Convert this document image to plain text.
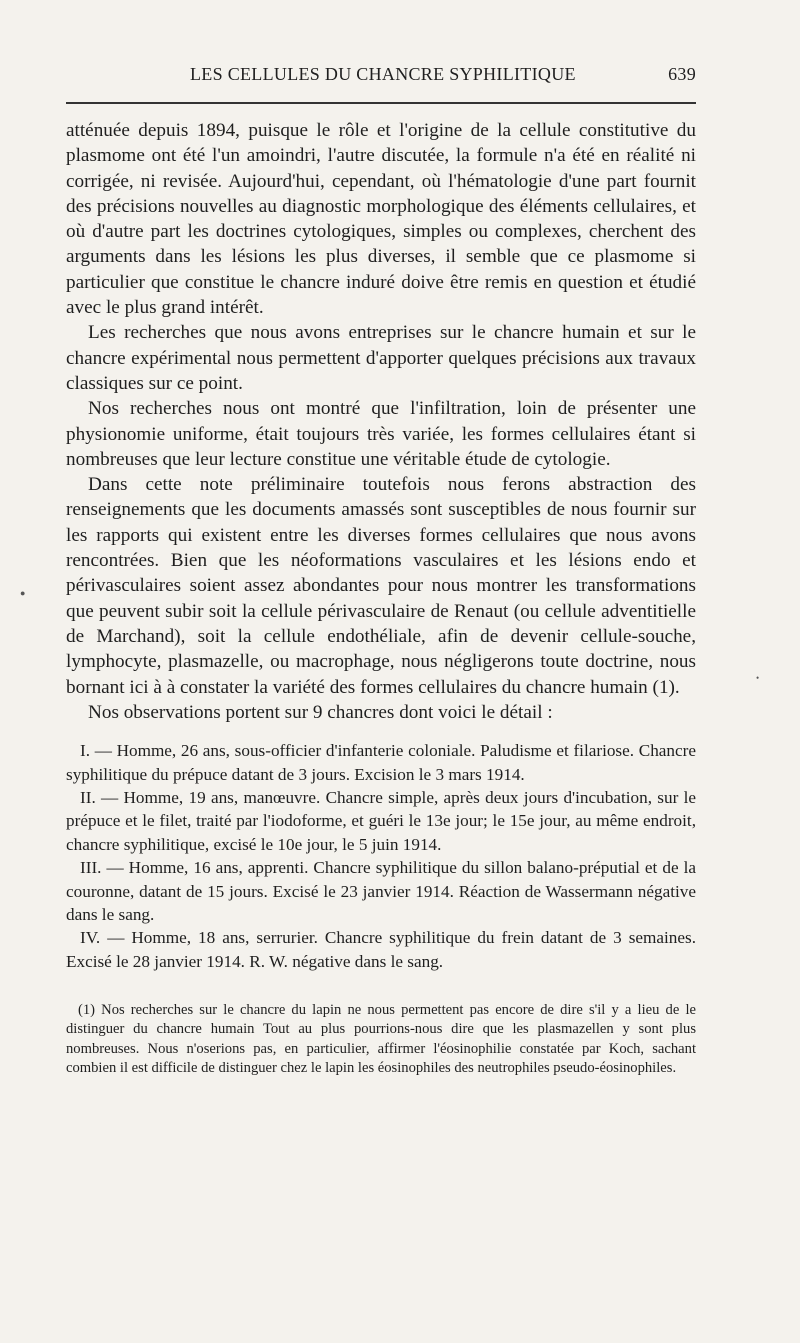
LES CELLULES DU CHANCRE SYPHILITIQUE	639

atténuée depuis 1894, puisque le rôle et l'origine de la cellule constitutive du plasmome ont été l'un amoindri, l'autre discutée, la formule n'a été en réalité ni corrigée, ni revisée. Aujourd'hui, cependant, où l'hématologie d'une part fournit des précisions nouvelles au diagnostic morphologique des éléments cellulaires, et où d'autre part les doctrines cytologiques, simples ou complexes, cherchent des arguments dans les lésions les plus diverses, il semble que ce plasmome si particulier que constitue le chancre induré doive être remis en question et étudié avec le plus grand intérêt.

Les recherches que nous avons entreprises sur le chancre humain et sur le chancre expérimental nous permettent d'apporter quelques précisions aux travaux classiques sur ce point.

Nos recherches nous ont montré que l'infiltration, loin de présenter une physionomie uniforme, était toujours très variée, les formes cellulaires étant si nombreuses que leur lecture constitue une véritable étude de cytologie.

Dans cette note préliminaire toutefois nous ferons abstraction des renseignements que les documents amassés sont susceptibles de nous fournir sur les rapports qui existent entre les diverses formes cellulaires que nous avons rencontrées. Bien que les néoformations vasculaires et les lésions endo et périvasculaires soient assez abondantes pour nous montrer les transformations que peuvent subir soit la cellule périvasculaire de Renaut (ou cellule adventitielle de Marchand), soit la cellule endothéliale, afin de devenir cellule-souche, lymphocyte, plasmazelle, ou macrophage, nous négligerons toute doctrine, nous bornant ici à à constater la variété des formes cellulaires du chancre humain (1).

Nos observations portent sur 9 chancres dont voici le détail :

I. — Homme, 26 ans, sous-officier d'infanterie coloniale. Paludisme et filariose. Chancre syphilitique du prépuce datant de 3 jours. Excision le 3 mars 1914.

II. — Homme, 19 ans, manœuvre. Chancre simple, après deux jours d'incubation, sur le prépuce et le filet, traité par l'iodoforme, et guéri le 13e jour; le 15e jour, au même endroit, chancre syphilitique, excisé le 10e jour, le 5 juin 1914.

III. — Homme, 16 ans, apprenti. Chancre syphilitique du sillon balano-préputial et de la couronne, datant de 15 jours. Excisé le 23 janvier 1914. Réaction de Wassermann négative dans le sang.

IV. — Homme, 18 ans, serrurier. Chancre syphilitique du frein datant de 3 semaines. Excisé le 28 janvier 1914. R. W. négative dans le sang.

(1) Nos recherches sur le chancre du lapin ne nous permettent pas encore de dire s'il y a lieu de le distinguer du chancre humain Tout au plus pourrions-nous dire que les plasmazellen y sont plus nombreuses. Nous n'oserions pas, en particulier, affirmer l'éosinophilie constatée par Koch, sachant combien il est difficile de distinguer chez le lapin les éosinophiles des neutrophiles pseudo-éosinophiles.

●
•
